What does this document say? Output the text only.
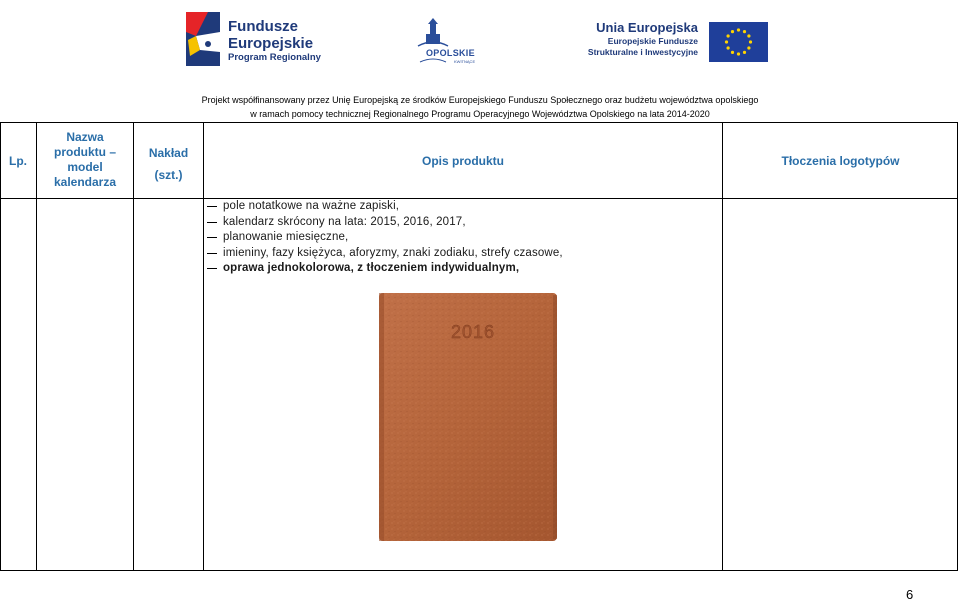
Fundusze
Europejskie
Program Regionalny	OPOLSKIE
KWITNĄCE
Unia Europejska
Europejskie Fundusze
Strukturalne i Inwestycyjne
Projekt współfinansowany przez Unię Europejską ze środków Europejskiego Funduszu Społecznego oraz budżetu województwa opolskiego
w ramach pomocy technicznej Regionalnego Programu Operacyjnego Województwa Opolskiego na lata 2014-2020
Lp.
Nazwa
produktu –
model
kalendarza
Nakład
(szt.)
Opis produktu	Tłoczenia logotypów
pole notatkowe na ważne zapiski,
kalendarz skrócony na lata: 2015, 2016, 2017,
planowanie miesięczne,
imieniny, fazy księżyca, aforyzmy, znaki zodiaku, strefy czasowe,
oprawa jednokolorowa, z tłoczeniem indywidualnym,
2016
6
